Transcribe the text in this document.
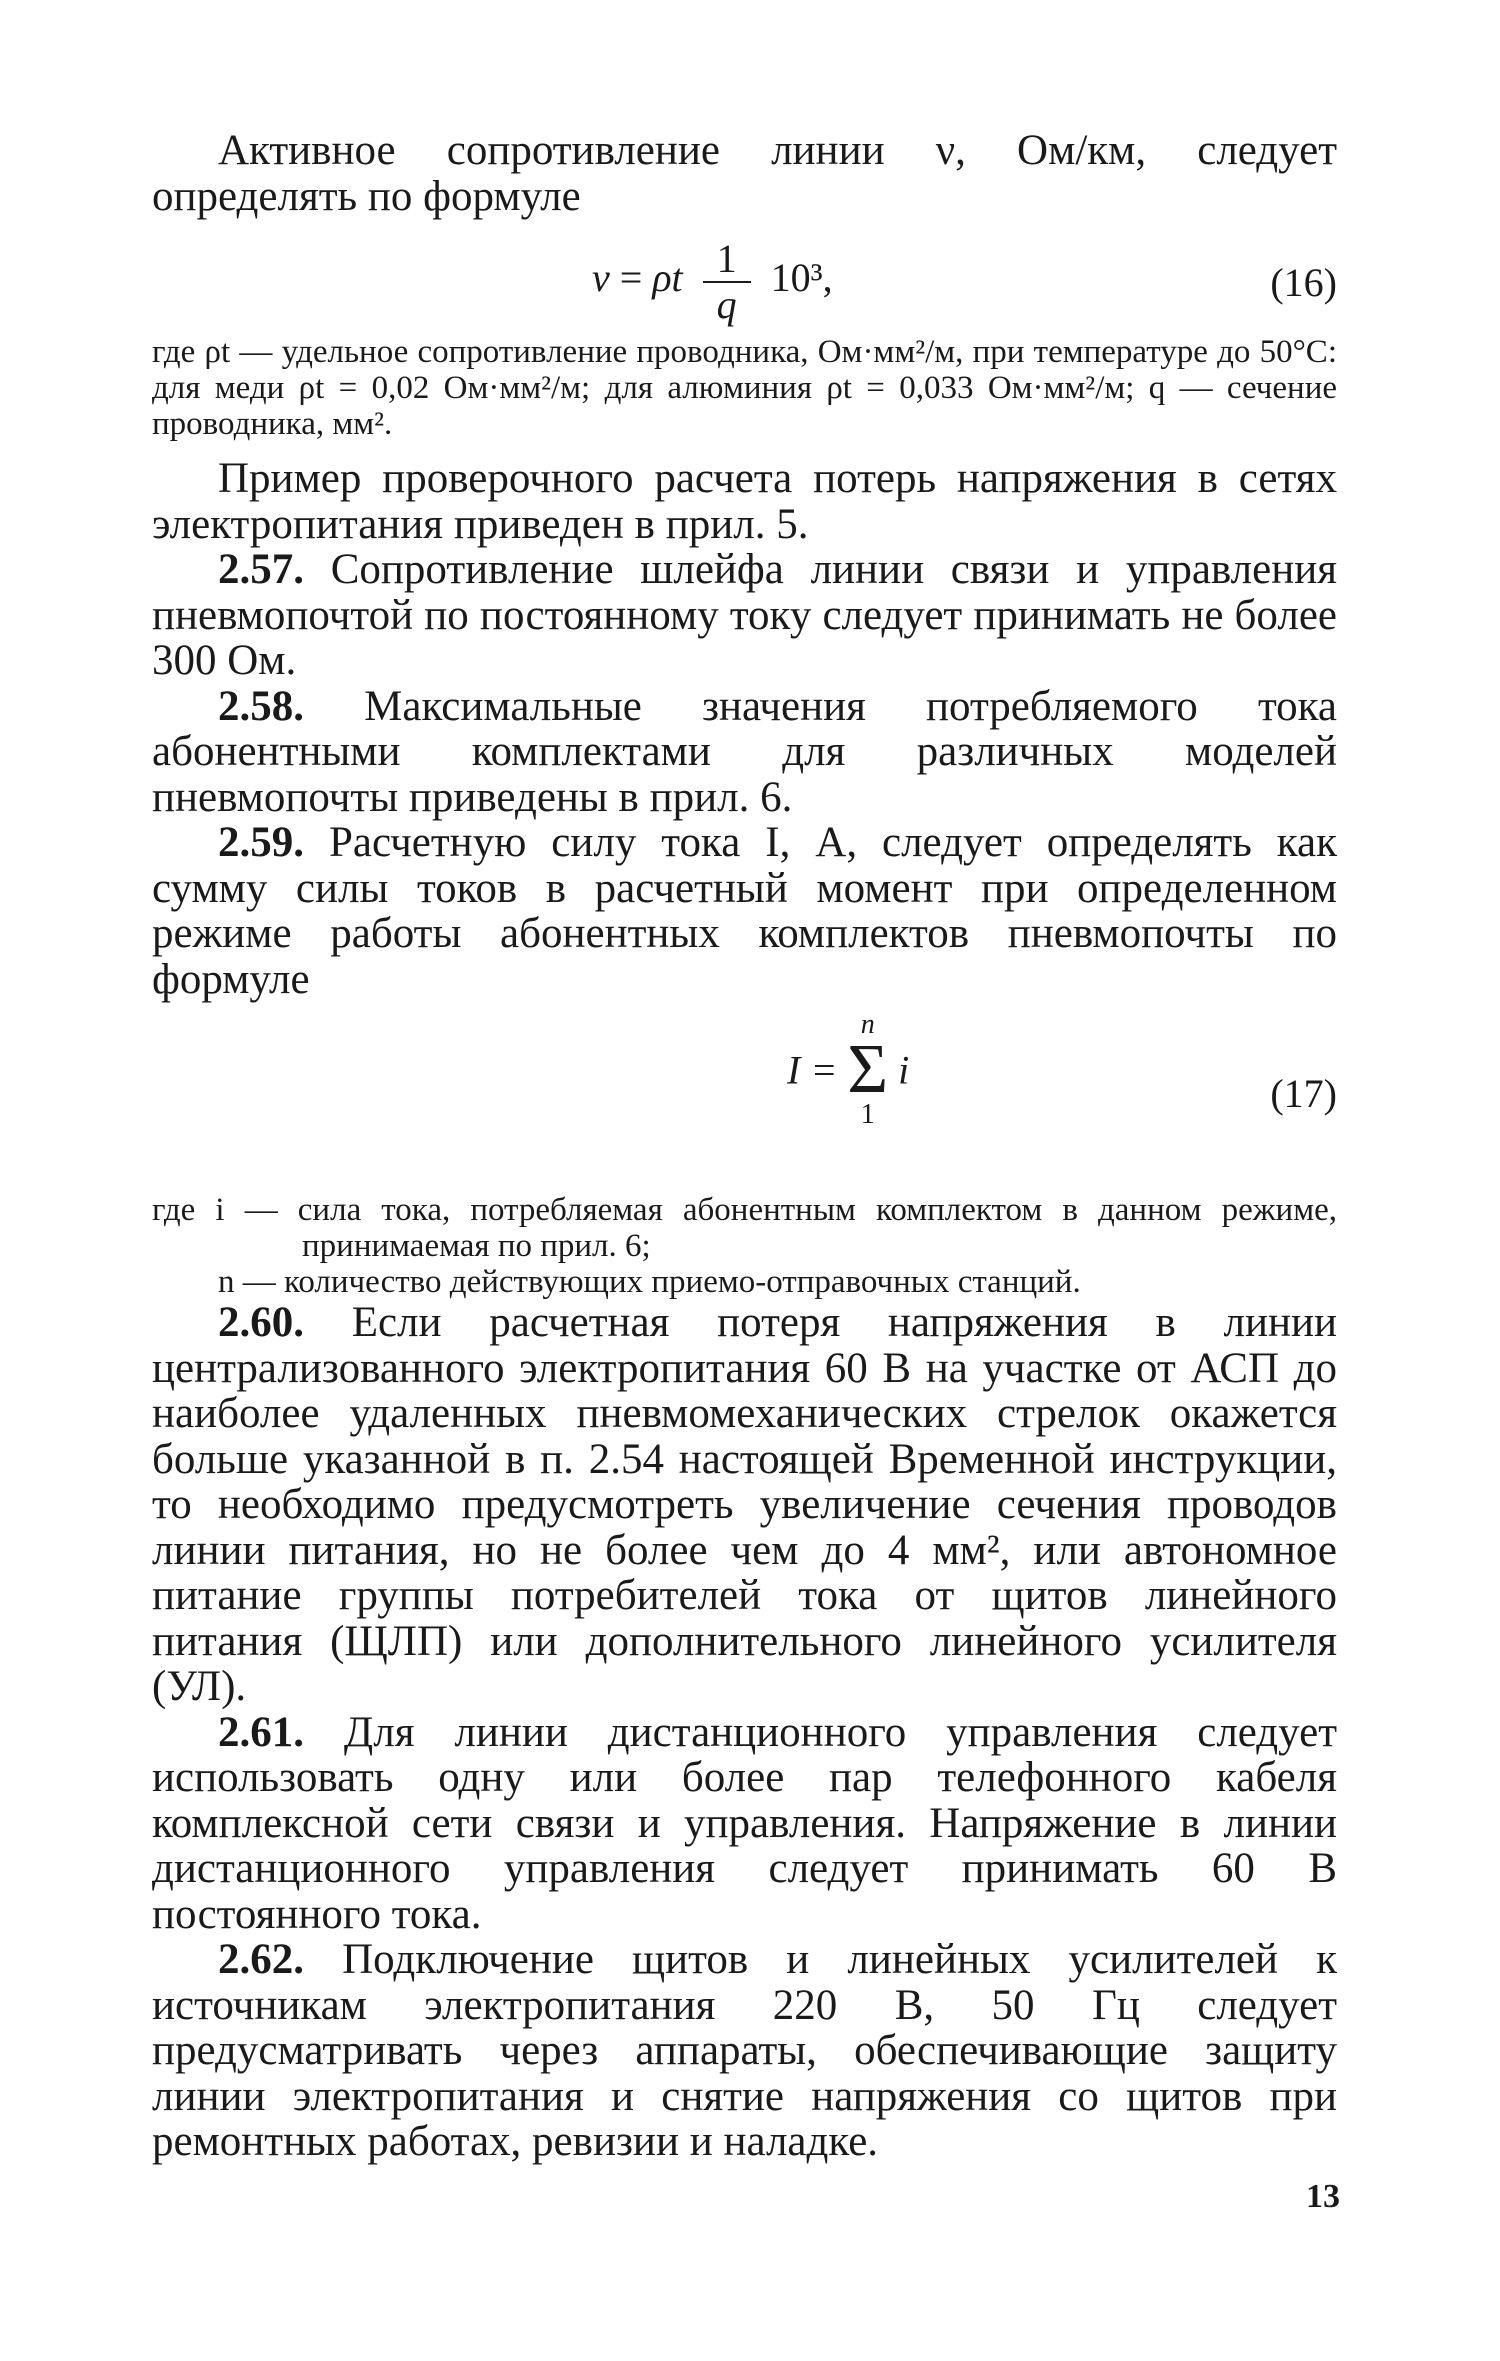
Активное сопротивление линии ν, Ом/км, следует определять по формуле

ν = ρt $\frac{1}{q} 10^3$,	(16)

где ρt — удельное сопротивление проводника, Ом·мм²/м, при температуре до 50°С: для меди ρt = 0,02 Ом·мм²/м; для алюминия ρt = 0,033 Ом·мм²/м; q — сечение проводника, мм².

Пример проверочного расчета потерь напряжения в сетях электропитания приведен в прил. 5.

2.57. Сопротивление шлейфа линии связи и управления пневмопочтой по постоянному току следует принимать не более 300 Ом.

2.58. Максимальные значения потребляемого тока абонентными комплектами для различных моделей пневмопочты приведены в прил. 6.

2.59. Расчетную силу тока I, А, следует определять как сумму силы токов в расчетный момент при определенном режиме работы абонентных комплектов пневмопочты по формуле

I =
n
Σ
1
i
(17)

где i — сила тока, потребляемая абонентным комплектом в данном режиме, принимаемая по прил. 6;

n — количество действующих приемо-отправочных станций.

2.60. Если расчетная потеря напряжения в линии централизованного электропитания 60 В на участке от АСП до наиболее удаленных пневмомеханических стрелок окажется больше указанной в п. 2.54 настоящей Временной инструкции, то необходимо предусмотреть увеличение сечения проводов линии питания, но не более чем до 4 мм², или автономное питание группы потребителей тока от щитов линейного питания (ЩЛП) или дополнительного линейного усилителя (УЛ).

2.61. Для линии дистанционного управления следует использовать одну или более пар телефонного кабеля комплексной сети связи и управления. Напряжение в линии дистанционного управления следует принимать 60 В постоянного тока.

2.62. Подключение щитов и линейных усилителей к источникам электропитания 220 В, 50 Гц следует предусматривать через аппараты, обеспечивающие защиту линии электропитания и снятие напряжения со щитов при ремонтных работах, ревизии и наладке.

13
